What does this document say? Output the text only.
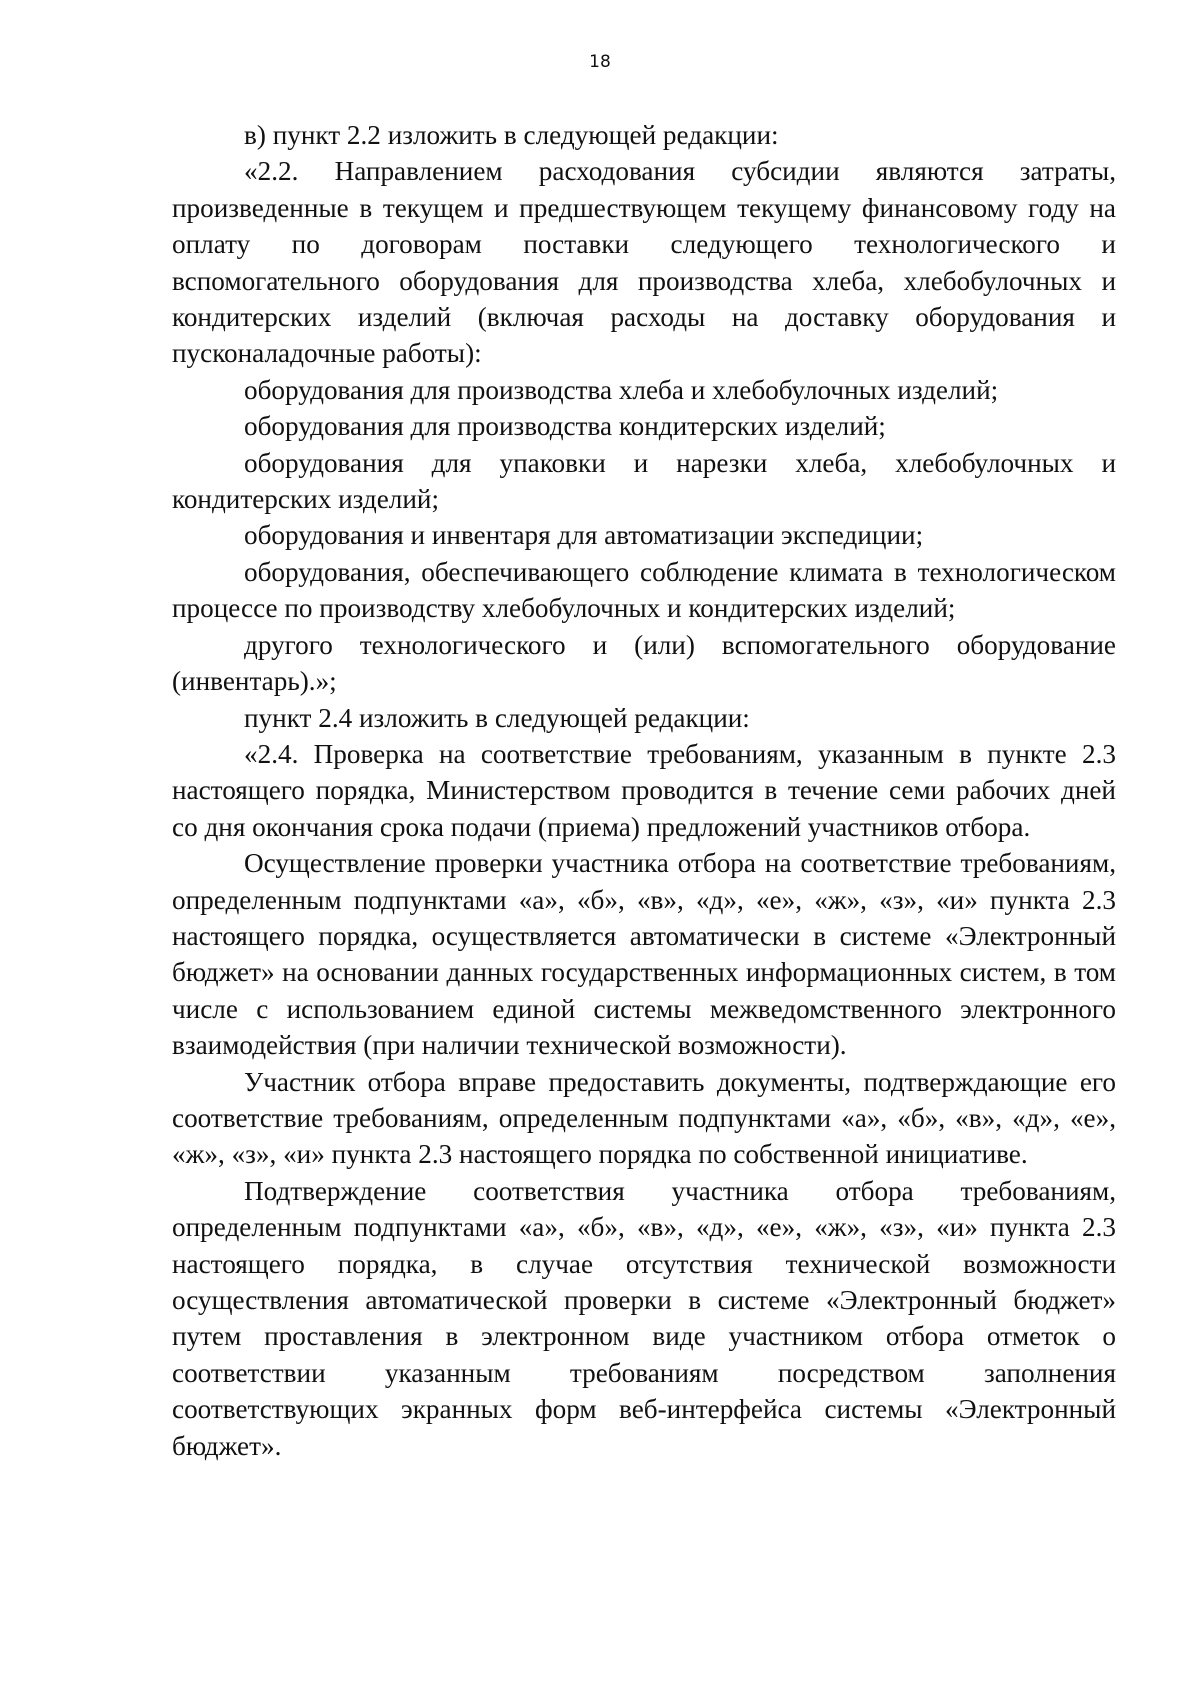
18

в) пункт 2.2 изложить в следующей редакции:

«2.2. Направлением расходования субсидии являются затраты, произведенные в текущем и предшествующем текущему финансовому году на оплату по договорам поставки следующего технологического и вспомогательного оборудования для производства хлеба, хлебобулочных и кондитерских изделий (включая расходы на доставку оборудования и пусконаладочные работы):

оборудования для производства хлеба и хлебобулочных изделий;

оборудования для производства кондитерских изделий;

оборудования для упаковки и нарезки хлеба, хлебобулочных и кондитерских изделий;

оборудования и инвентаря для автоматизации экспедиции;

оборудования, обеспечивающего соблюдение климата в технологическом процессе по производству хлебобулочных и кондитерских изделий;

другого технологического и (или) вспомогательного оборудование (инвентарь).»;

пункт 2.4 изложить в следующей редакции:

«2.4. Проверка на соответствие требованиям, указанным в пункте 2.3 настоящего порядка, Министерством проводится в течение семи рабочих дней со дня окончания срока подачи (приема) предложений участников отбора.

Осуществление проверки участника отбора на соответствие требованиям, определенным подпунктами «а», «б», «в», «д», «е», «ж», «з», «и» пункта 2.3 настоящего порядка, осуществляется автоматически в системе «Электронный бюджет» на основании данных государственных информационных систем, в том числе с использованием единой системы межведомственного электронного взаимодействия (при наличии технической возможности).

Участник отбора вправе предоставить документы, подтверждающие его соответствие требованиям, определенным подпунктами «а», «б», «в», «д», «е», «ж», «з», «и» пункта 2.3 настоящего порядка по собственной инициативе.

Подтверждение соответствия участника отбора требованиям, определенным подпунктами «а», «б», «в», «д», «е», «ж», «з», «и» пункта 2.3 настоящего порядка, в случае отсутствия технической возможности осуществления автоматической проверки в системе «Электронный бюджет» путем проставления в электронном виде участником отбора отметок о соответствии указанным требованиям посредством заполнения соответствующих экранных форм веб-интерфейса системы «Электронный бюджет».
